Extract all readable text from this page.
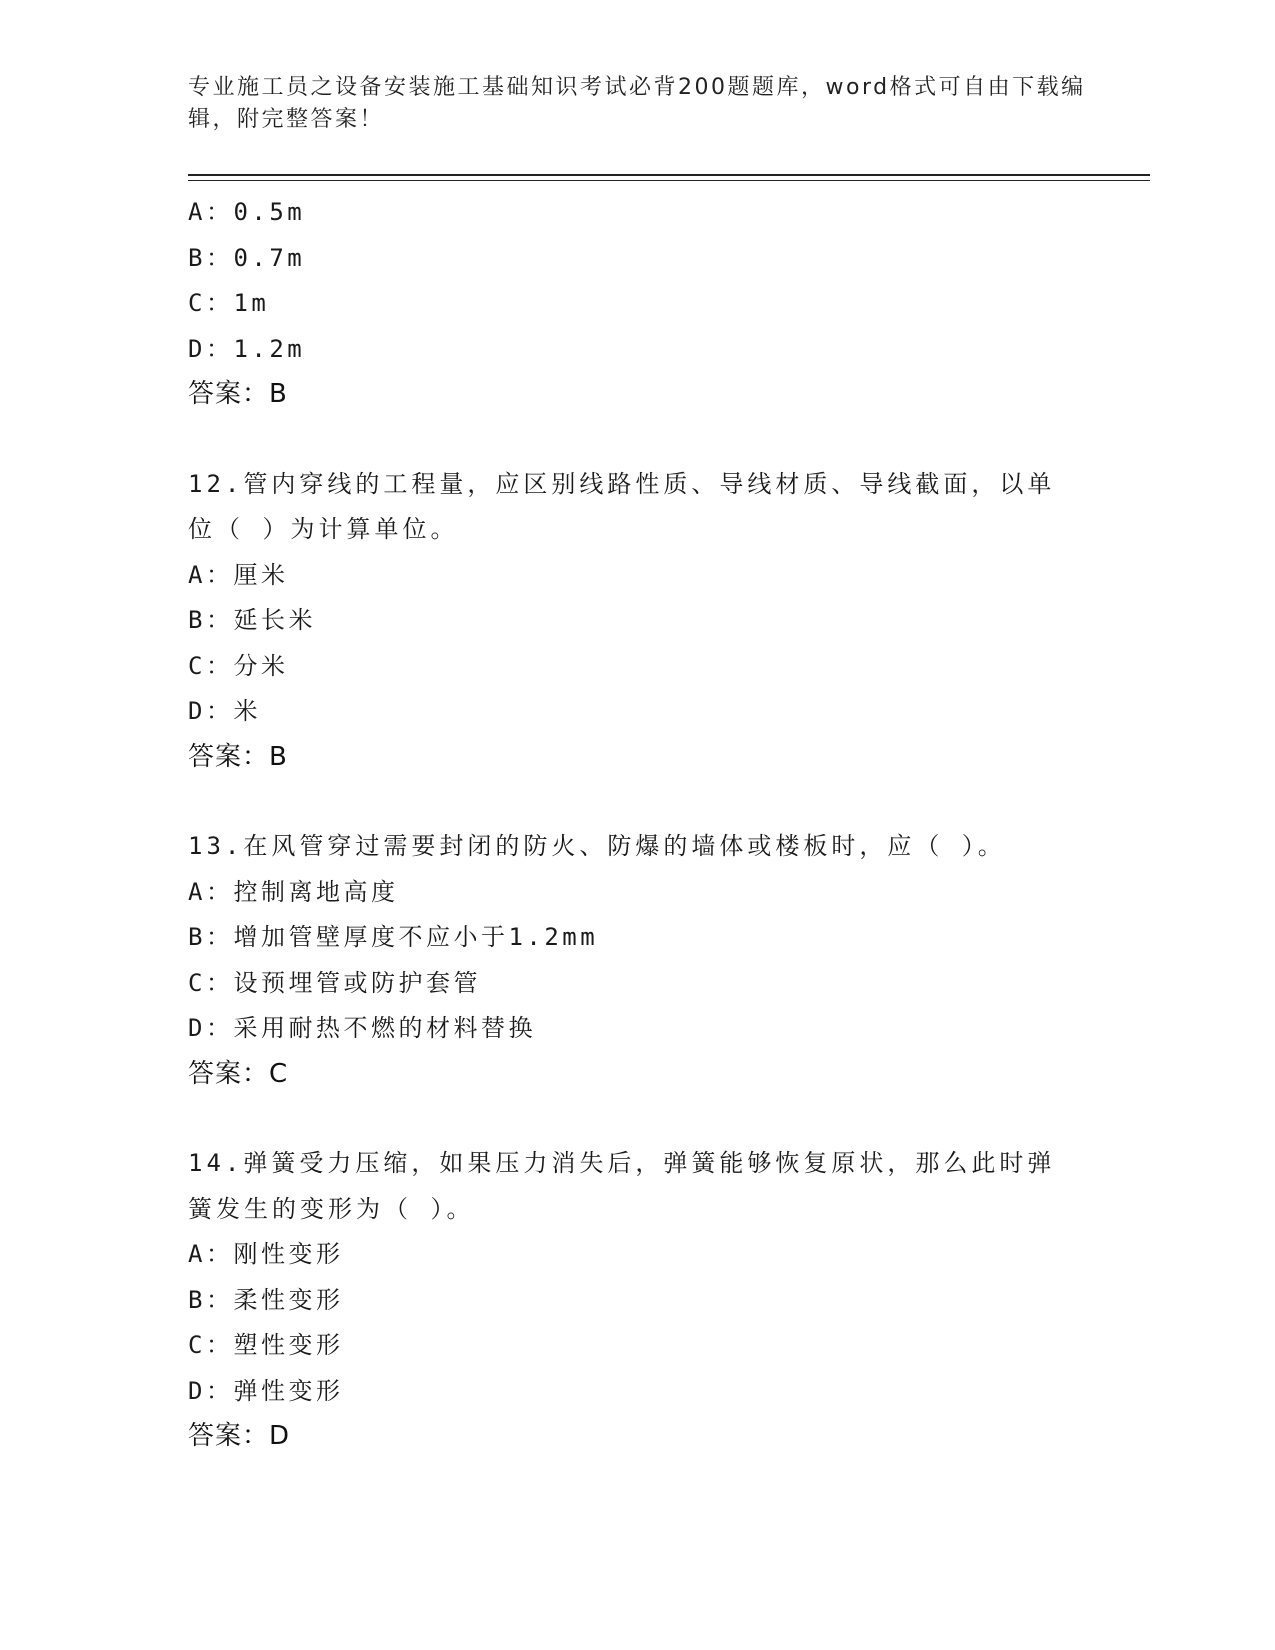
专业施工员之设备安装施工基础知识考试必背200题题库，word格式可自由下载编辑，附完整答案！
A：0.5m
B：0.7m
C：1m
D：1.2m
答案：B
12.管内穿线的工程量，应区别线路性质、导线材质、导线截面，以单位（ ）为计算单位。
A：厘米
B：延长米
C：分米
D：米
答案：B
13.在风管穿过需要封闭的防火、防爆的墙体或楼板时，应（ ）。
A：控制离地高度
B：增加管壁厚度不应小于1.2mm
C：设预埋管或防护套管
D：采用耐热不燃的材料替换
答案：C
14.弹簧受力压缩，如果压力消失后，弹簧能够恢复原状，那么此时弹簧发生的变形为（ ）。
A：刚性变形
B：柔性变形
C：塑性变形
D：弹性变形
答案：D
